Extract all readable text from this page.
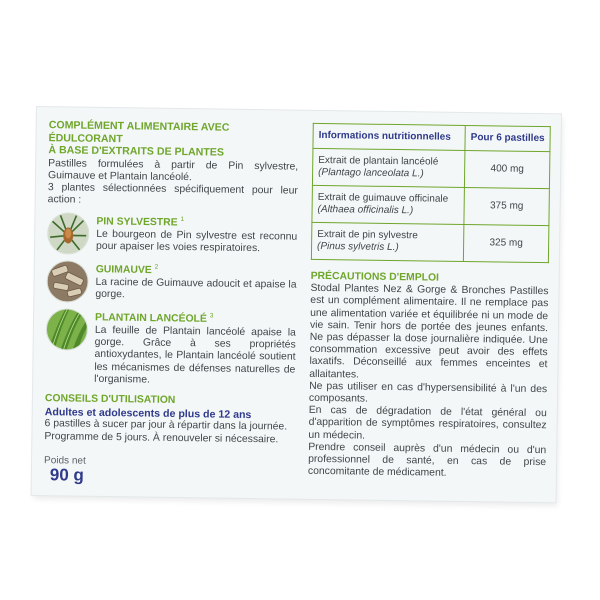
COMPLÉMENT ALIMENTAIRE AVEC ÉDULCORANT
À BASE D'EXTRAITS DE PLANTES
Pastilles formulées à partir de Pin sylvestre, Guimauve et Plantain lancéolé.
3 plantes sélectionnées spécifiquement pour leur action :
PIN SYLVESTRE $^1$
Le bourgeon de Pin sylvestre est reconnu pour apaiser les voies respiratoires.
GUIMAUVE $^2$
La racine de Guimauve adoucit et apaise la gorge.
PLANTAIN LANCÉOLÉ $^3$
La feuille de Plantain lancéolé apaise la gorge. Grâce à ses propriétés antioxydantes, le Plantain lancéolé soutient les mécanismes de défenses naturelles de l'organisme.
CONSEILS D'UTILISATION
Adultes et adolescents de plus de 12 ans
6 pastilles à sucer par jour à répartir dans la journée. Programme de 5 jours. À renouveler si nécessaire.
Poids net
90 g
Informations nutritionnelles	Pour 6 pastilles

Extrait de plantain lancéolé
(Plantago lanceolata L.)	400 mg

Extrait de guimauve officinale
(Althaea officinalis L.)	375 mg

Extrait de pin sylvestre
(Pinus sylvetris L.)	325 mg
PRÉCAUTIONS D'EMPLOI

Stodal Plantes Nez & Gorge & Bronches Pastilles est un complément alimentaire. Il ne remplace pas une alimentation variée et équilibrée ni un mode de vie sain. Tenir hors de portée des jeunes enfants. Ne pas dépasser la dose journalière indiquée. Une consommation excessive peut avoir des effets laxatifs. Déconseillé aux femmes enceintes et allaitantes.

Ne pas utiliser en cas d'hypersensibilité à l'un des composants.

En cas de dégradation de l'état général ou d'apparition de symptômes respiratoires, consultez un médecin.

Prendre conseil auprès d'un médecin ou d'un professionnel de santé, en cas de prise concomitante de médicament.
